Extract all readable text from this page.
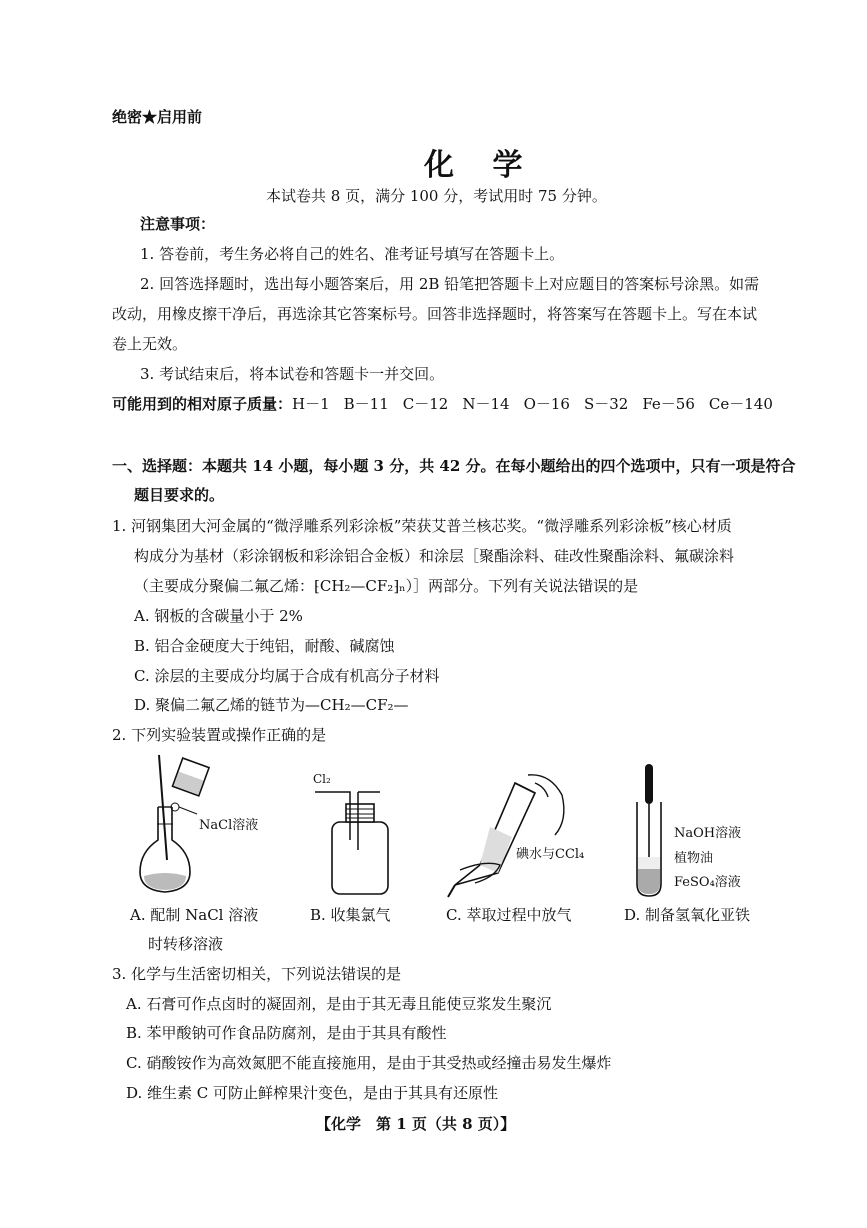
绝密★启用前
化 学
本试卷共 8 页，满分 100 分，考试用时 75 分钟。
注意事项：
1. 答卷前，考生务必将自己的姓名、准考证号填写在答题卡上。
2. 回答选择题时，选出每小题答案后，用 2B 铅笔把答题卡上对应题目的答案标号涂黑。如需
改动，用橡皮擦干净后，再选涂其它答案标号。回答非选择题时，将答案写在答题卡上。写在本试
卷上无效。
3. 考试结束后，将本试卷和答题卡一并交回。
可能用到的相对原子质量：H－1 B－11 C－12 N－14 O－16 S－32 Fe－56 Ce－140
一、选择题：本题共 14 小题，每小题 3 分，共 42 分。在每小题给出的四个选项中，只有一项是符合
题目要求的。
1. 河钢集团大河金属的“微浮雕系列彩涂板”荣获艾普兰核芯奖。“微浮雕系列彩涂板”核心材质
构成分为基材（彩涂钢板和彩涂铝合金板）和涂层［聚酯涂料、硅改性聚酯涂料、氟碳涂料
（主要成分聚偏二氟乙烯：⁅CH₂—CF₂⁆ₙ）］两部分。下列有关说法错误的是
A. 钢板的含碳量小于 2%
B. 铝合金硬度大于纯铝，耐酸、碱腐蚀
C. 涂层的主要成分均属于合成有机高分子材料
D. 聚偏二氟乙烯的链节为—CH₂—CF₂—
2. 下列实验装置或操作正确的是
NaCl溶液
Cl₂
碘水与CCl₄
NaOH溶液
植物油
FeSO₄溶液
A. 配制 NaCl 溶液
时转移溶液
B. 收集氯气	C. 萃取过程中放气	D. 制备氢氧化亚铁
3. 化学与生活密切相关，下列说法错误的是
A. 石膏可作点卤时的凝固剂，是由于其无毒且能使豆浆发生聚沉
B. 苯甲酸钠可作食品防腐剂，是由于其具有酸性
C. 硝酸铵作为高效氮肥不能直接施用，是由于其受热或经撞击易发生爆炸
D. 维生素 C 可防止鲜榨果汁变色，是由于其具有还原性
【化学　第 1 页（共 8 页）】
